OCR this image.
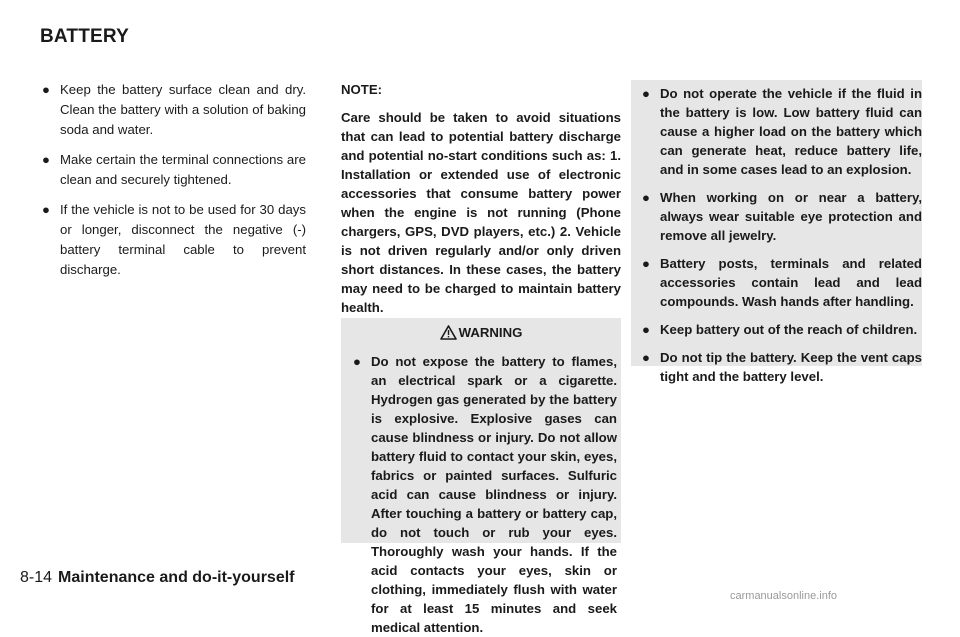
BATTERY
● Keep the battery surface clean and dry. Clean the battery with a solution of baking soda and water.
● Make certain the terminal connections are clean and securely tightened.
● If the vehicle is not to be used for 30 days or longer, disconnect the negative (-) battery terminal cable to prevent discharge.

NOTE:

Care should be taken to avoid situations that can lead to potential battery discharge and potential no-start conditions such as: 1. Installation or extended use of electronic accessories that consume battery power when the engine is not running (Phone chargers, GPS, DVD players, etc.) 2. Vehicle is not driven regularly and/or only driven short distances. In these cases, the battery may need to be charged to maintain battery health.

WARNING
● Do not expose the battery to flames, an electrical spark or a cigarette. Hydrogen gas generated by the battery is explosive. Explosive gases can cause blindness or injury. Do not allow battery fluid to contact your skin, eyes, fabrics or painted surfaces. Sulfuric acid can cause blindness or injury. After touching a battery or battery cap, do not touch or rub your eyes. Thoroughly wash your hands. If the acid contacts your eyes, skin or clothing, immediately flush with water for at least 15 minutes and seek medical attention.
● Do not operate the vehicle if the fluid in the battery is low. Low battery fluid can cause a higher load on the battery which can generate heat, reduce battery life, and in some cases lead to an explosion.
● When working on or near a battery, always wear suitable eye protection and remove all jewelry.
● Battery posts, terminals and related accessories contain lead and lead compounds. Wash hands after handling.
● Keep battery out of the reach of children.
● Do not tip the battery. Keep the vent caps tight and the battery level.
8-14 Maintenance and do-it-yourself
carmanualsonline.info
